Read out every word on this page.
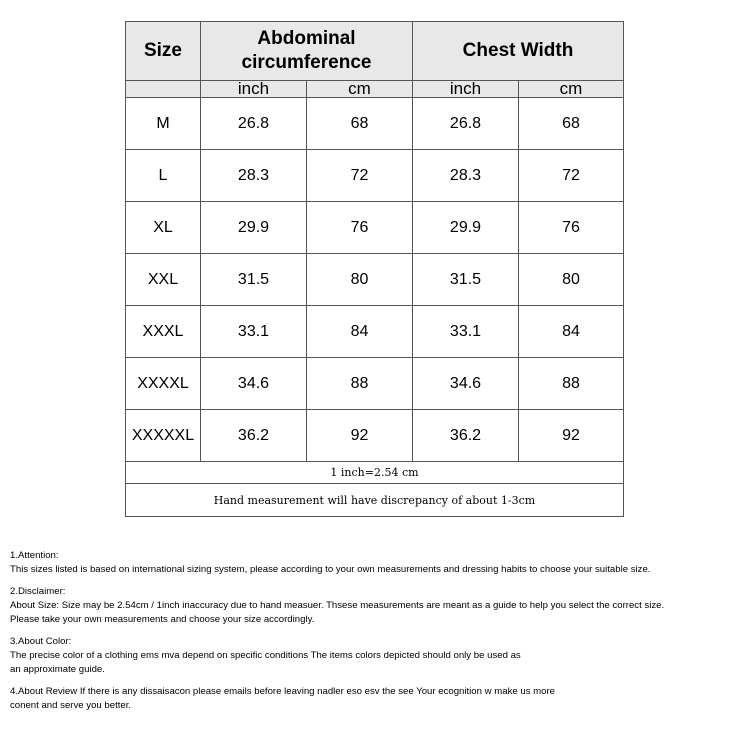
Size	Abdominal circumference		Chest Width	
	inch	cm	inch	cm
M	26.8	68	26.8	68
L	28.3	72	28.3	72
XL	29.9	76	29.9	76
XXL	31.5	80	31.5	80
XXXL	33.1	84	33.1	84
XXXXL	34.6	88	34.6	88
XXXXXL	36.2	92	36.2	92
1 inch=2.54 cm				
Hand measurement will have discrepancy of about 1-3cm				

1.Attention:

This sizes listed is based on international sizing system, please according to your own measurements and dressing habits to choose your suitable size.

2.Disclaimer:

About Size: Size may be 2.54cm / 1inch inaccuracy due to hand measuer. Thsese measurements are meant as a guide to help you select the correct size.

Please take your own measurements and choose your size accordingly.

3.About Color:

The precise color of a clothing ems mva depend on specific conditions The items colors depicted should only be used as

an approximate guide.

4.About Review If there is any dissaisacon please emails before leaving nadler eso esv the see Your ecognition w make us more

conent and serve you better.
